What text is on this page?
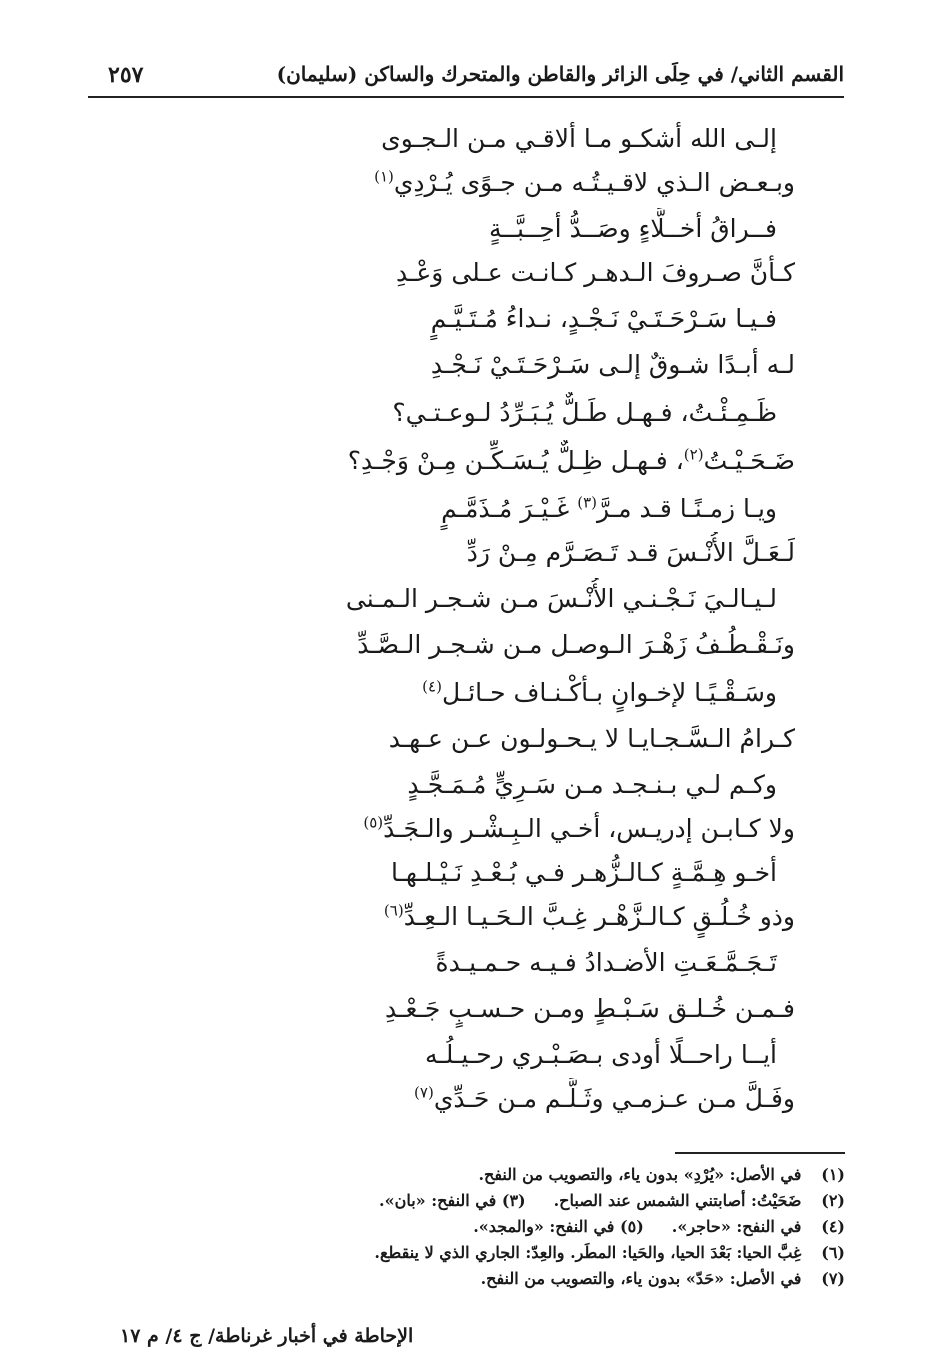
٢٥٧	القسم الثاني/ في حِلَى الزائر والقاطن والمتحرك والساكن (سليمان)
إلـى الله أشكـو مـا ألاقـي مـن الـجـوى
وبـعـض الـذي لاقـيـتُـه مـن جـوًى يُـرْدِي$^{(١)}$
فــراقُ أخــلَّاءٍ وصَــدُّ أحِــبَّــةٍ
كـأنَّ صـروفَ الـدهـر كـانـت عـلى وَعْـدِ
فـيـا سَـرْحَـتَـيْ نَـجْـدٍ، نـداءُ مُـتَـيَّـمٍ
لـه أبـدًا شـوقٌ إلـى سَـرْحَـتَـيْ نَـجْـدِ
ظَـمِـئْـتُ، فـهـل طَـلٌّ يُـبَـرِّدُ لـوعـتـي؟
ضَـحَـيْـتُ$^{(٢)}$، فـهـل ظِـلٌّ يُـسَـكِّـن مِـنْ وَجْـدِ؟
ويـا زمـنًـا قـد مـرَّ$^{(٣)}$ غَـيْـرَ مُـذَمَّـمٍ
لَـعَـلَّ الأُنْـسَ قـد تَـصَـرَّم مِـنْ رَدِّ
لـيـالـيَ نَـجْـنـي الأُنْـسَ مـن شـجـر الـمـنى
ونَـقْـطُـفُ زَهْـرَ الـوصـل مـن شـجـر الـصَّـدِّ
وسَـقْـيًـا لإخـوانٍ بـأكْـنـاف حـائـل$^{(٤)}$
كـرامُ الـسَّـجـايـا لا يـحـولـون عـن عـهـد
وكـم لـي بـنـجـد مـن سَـرِيٍّ مُـمَـجَّـدٍ
ولا كـابـن إدريـس، أخـي الـبِـشْـر والـجَـدِّ$^{(٥)}$
أخـو هِـمَّـةٍ كـالـزُّهـر فـي بُـعْـدِ نَـيْـلـهـا
وذو خُـلُـقٍ كـالـزَّهْـر غِـبَّ الـحَـيـا الـعِـدِّ$^{(٦)}$
تَـجَـمَّـعَـتِ الأضـدادُ فـيـه حـمـيـدةً
فـمـن خُـلـق سَـبْـطٍ ومـن حـسـبٍ جَـعْـدِ
أيــا راحــلًا أودى بـصَـبْـري رحـيـلُـه
وفَـلَّ مـن عـزمـي وثَـلَّـم مـن حَـدِّي$^{(٧)}$
(١) في الأصل: «يُرْدِ» بدون ياء، والتصويب من النفح.
(٢) ضَحَيْتُ: أصابتني الشمس عند الصباح.(٣) في النفح: «بان».
(٤) في النفح: «حاجر».(٥) في النفح: «والمجد».
(٦) غِبَّ الحيا: بَعْدَ الحيا، والحَيا: المطَر. والعِدّ: الجاري الذي لا ينقطع.
(٧) في الأصل: «حَدّ» بدون ياء، والتصويب من النفح.
الإحاطة في أخبار غرناطة/ ج ٤/ م ١٧
